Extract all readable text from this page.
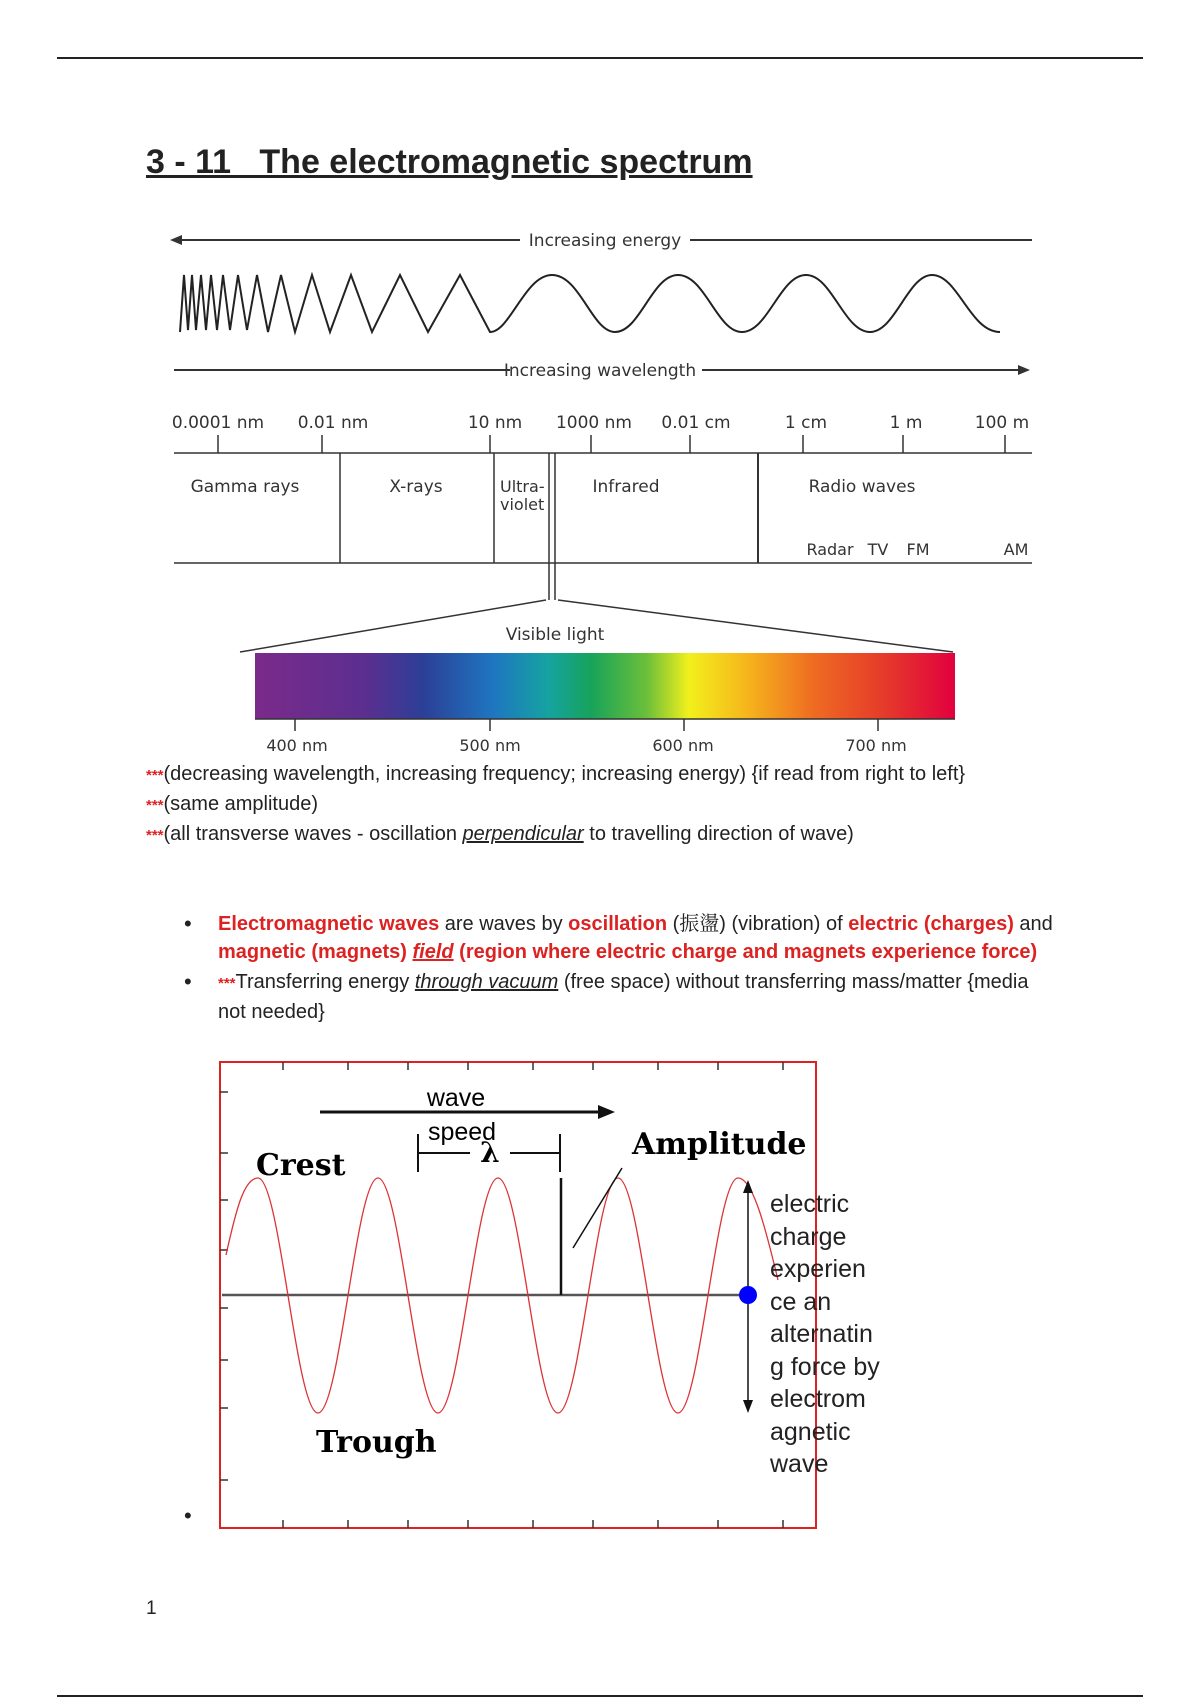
3 - 11   The electromagnetic spectrum
Increasing energy
Increasing wavelength
0.0001 nm 0.01 nm	10 nm 1000 nm 0.01 cm	1 cm	1 m	100 m
Gamma rays	X-rays	Ultra-
violet
Infrared	Radio waves
Radar TV FM	AM
Visible light
400 nm	500 nm	600 nm	700 nm
***(decreasing wavelength, increasing frequency; increasing energy) {if read from right to left}
***(same amplitude)
***(all transverse waves - oscillation perpendicular to travelling direction of wave)
• Electromagnetic waves are waves by oscillation (振盪) (vibration) of electric (charges) and magnetic (magnets) field (region where electric charge and magnets experience force)
• ***Transferring energy through vacuum (free space) without transferring mass/matter {media not needed}
wave
speed
λ
Crest
Trough
Amplitude
electric charge experien ce an alternatin g force by electrom agnetic wave
•
1
